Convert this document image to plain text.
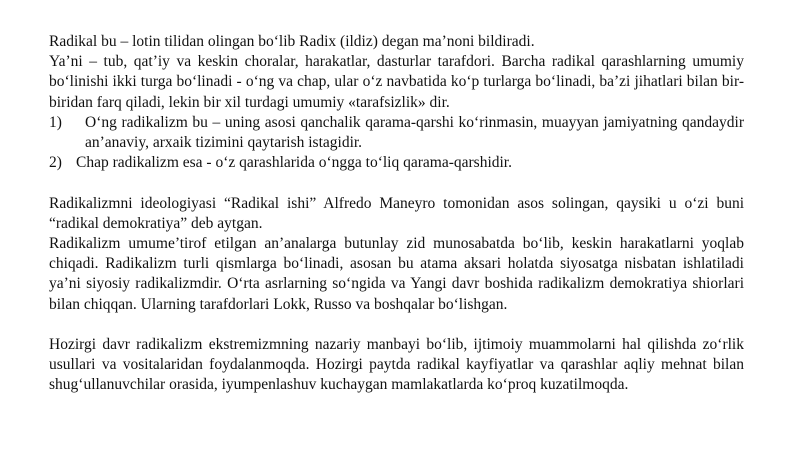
Radikal bu – lotin tilidan olingan bo‘lib Radix (ildiz) degan ma’noni bildiradi.

Ya’ni – tub, qat’iy va keskin choralar, harakatlar, dasturlar tarafdori. Barcha radikal qarashlarning umumiy bo‘linishi ikki turga bo‘linadi - o‘ng va chap, ular o‘z navbatida ko‘p turlarga bo‘linadi, ba’zi jihatlari bilan bir-biridan farq qiladi, lekin bir xil turdagi umumiy «tarafsizlik» dir.

1)	O‘ng radikalizm bu – uning asosi qanchalik qarama-qarshi ko‘rinmasin, muayyan jamiyatning qandaydir an’anaviy, arxaik tizimini qaytarish istagidir.
2) Chap radikalizm esa - o‘z qarashlarida o‘ngga to‘liq qarama-qarshidir.

Radikalizmni ideologiyasi “Radikal ishi” Alfredo Maneyro tomonidan asos solingan, qaysiki u o‘zi buni “radikal demokratiya” deb aytgan.

Radikalizm umume’tirof etilgan an’analarga butunlay zid munosabatda bo‘lib, keskin harakatlarni yoqlab chiqadi. Radikalizm turli qismlarga bo‘linadi, asosan bu atama aksari holatda siyosatga nisbatan ishlatiladi ya’ni siyosiy radikalizmdir. O‘rta asrlarning so‘ngida va Yangi davr boshida radikalizm demokratiya shiorlari bilan chiqqan. Ularning tarafdorlari Lokk, Russo va boshqalar bo‘lishgan.

Hozirgi davr radikalizm ekstremizmning nazariy manbayi bo‘lib, ijtimoiy muammolarni hal qilishda zo‘rlik usullari va vositalaridan foydalanmoqda. Hozirgi paytda radikal kayfiyatlar va qarashlar aqliy mehnat bilan shug‘ullanuvchilar orasida, iyumpenlashuv kuchaygan mamlakatlarda ko‘proq kuzatilmoqda.
